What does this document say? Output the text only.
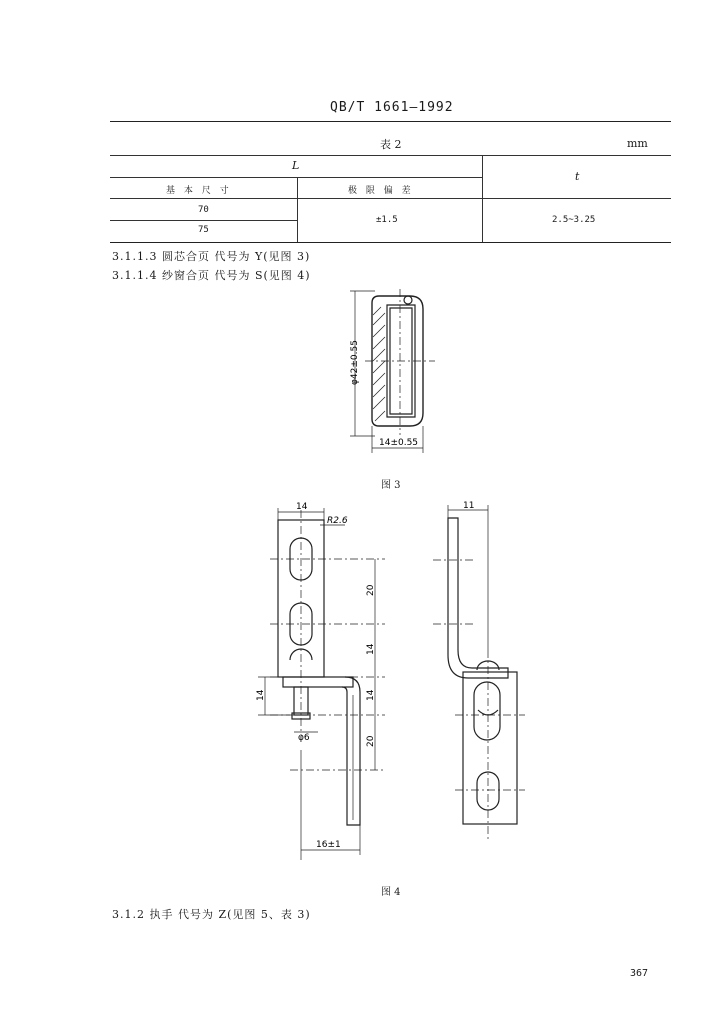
QB/T 1661—1992
表 2	mm
L
t
基 本 尺 寸	极 限 偏 差
70
75
±1.5	2.5~3.25
3.1.1.3 圆芯合页 代号为 Y(见图 3)
3.1.1.4 纱窗合页 代号为 S(见图 4)
φ42±0.55
14±0.55
图 3
14
R2.6
20
14
14
20
14
φ6
16±1
11
图 4
3.1.2 执手 代号为 Z(见图 5、表 3)
367
